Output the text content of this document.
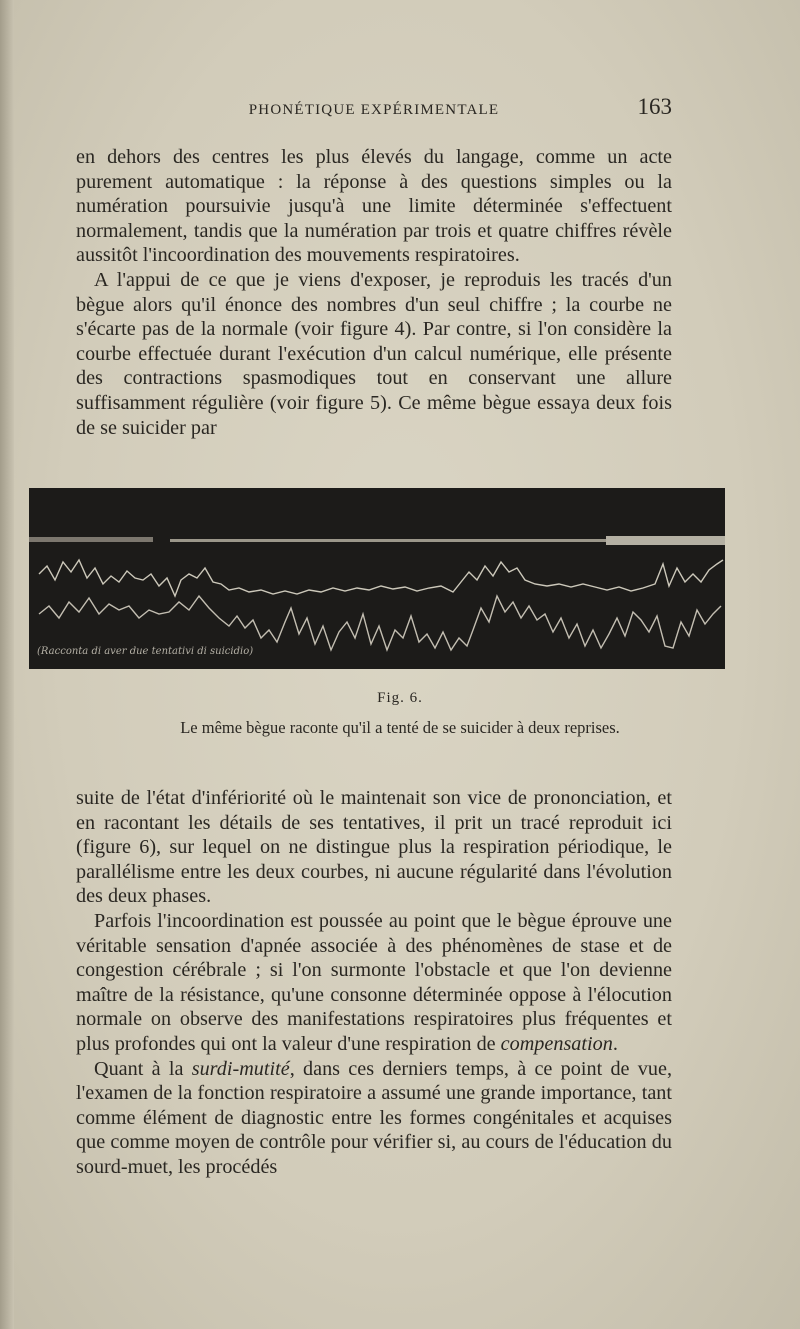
PHONÉTIQUE EXPÉRIMENTALE	163

en dehors des centres les plus élevés du langage, comme un acte purement automatique : la réponse à des questions simples ou la numération poursuivie jusqu'à une limite déterminée s'effectuent normalement, tandis que la numération par trois et quatre chiffres révèle aussitôt l'incoordination des mouvements respiratoires.

A l'appui de ce que je viens d'exposer, je reproduis les tracés d'un bègue alors qu'il énonce des nombres d'un seul chiffre ; la courbe ne s'écarte pas de la normale (voir figure 4). Par contre, si l'on considère la courbe effectuée durant l'exécution d'un calcul numérique, elle présente des contractions spasmodiques tout en conservant une allure suffisamment régulière (voir figure 5). Ce même bègue essaya deux fois de se suicider par

(Racconta di aver due tentativi di suicidio)
Fig. 6.
Le même bègue raconte qu'il a tenté de se suicider à deux reprises.

suite de l'état d'infériorité où le maintenait son vice de prononciation, et en racontant les détails de ses tentatives, il prit un tracé reproduit ici (figure 6), sur lequel on ne distingue plus la respiration périodique, le parallélisme entre les deux courbes, ni aucune régularité dans l'évolution des deux phases.

Parfois l'incoordination est poussée au point que le bègue éprouve une véritable sensation d'apnée associée à des phénomènes de stase et de congestion cérébrale ; si l'on surmonte l'obstacle et que l'on devienne maître de la résistance, qu'une consonne déterminée oppose à l'élocution normale on observe des manifestations respiratoires plus fréquentes et plus profondes qui ont la valeur d'une respiration de compensation.

Quant à la surdi-mutité, dans ces derniers temps, à ce point de vue, l'examen de la fonction respiratoire a assumé une grande importance, tant comme élément de diagnostic entre les formes congénitales et acquises que comme moyen de contrôle pour vérifier si, au cours de l'éducation du sourd-muet, les procédés
